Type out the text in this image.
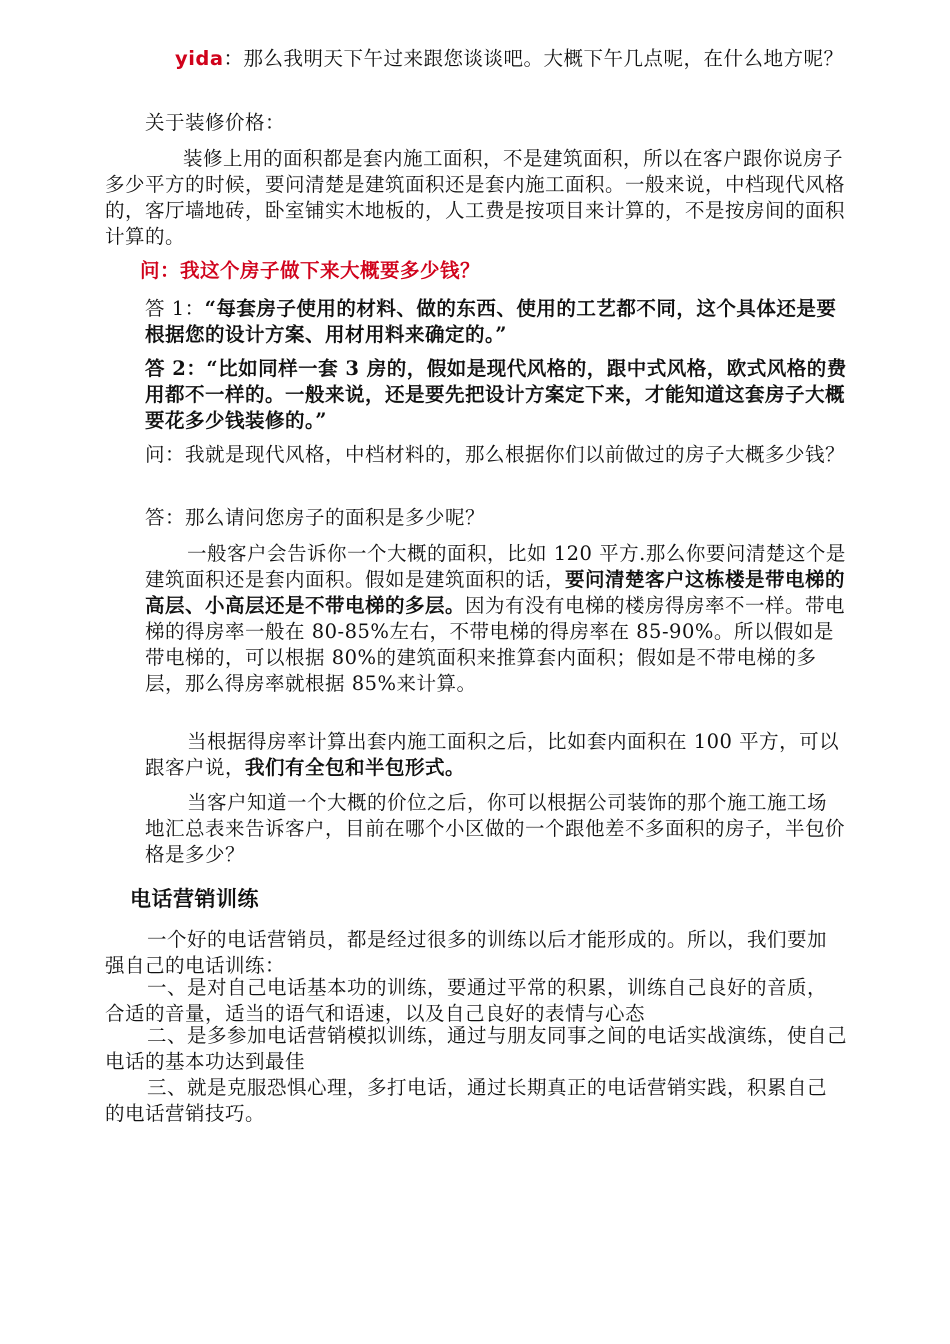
yida：那么我明天下午过来跟您谈谈吧。大概下午几点呢，在什么地方呢？

关于装修价格：

装修上用的面积都是套内施工面积，不是建筑面积，所以在客户跟你说房子多少平方的时候，要问清楚是建筑面积还是套内施工面积。一般来说，中档现代风格的，客厅墙地砖，卧室铺实木地板的，人工费是按项目来计算的，不是按房间的面积计算的。

问：我这个房子做下来大概要多少钱？

答 1：“每套房子使用的材料、做的东西、使用的工艺都不同，这个具体还是要根据您的设计方案、用材用料来确定的。”

答 2：“比如同样一套 3 房的，假如是现代风格的，跟中式风格，欧式风格的费用都不一样的。一般来说，还是要先把设计方案定下来，才能知道这套房子大概要花多少钱装修的。”

问：我就是现代风格，中档材料的，那么根据你们以前做过的房子大概多少钱？

答：那么请问您房子的面积是多少呢？

一般客户会告诉你一个大概的面积，比如 120 平方.那么你要问清楚这个是建筑面积还是套内面积。假如是建筑面积的话，要问清楚客户这栋楼是带电梯的高层、小高层还是不带电梯的多层。因为有没有电梯的楼房得房率不一样。带电梯的得房率一般在 80-85%左右，不带电梯的得房率在 85-90%。所以假如是带电梯的，可以根据 80%的建筑面积来推算套内面积；假如是不带电梯的多层，那么得房率就根据 85%来计算。

当根据得房率计算出套内施工面积之后，比如套内面积在 100 平方，可以跟客户说，我们有全包和半包形式。

当客户知道一个大概的价位之后，你可以根据公司装饰的那个施工施工场地汇总表来告诉客户，目前在哪个小区做的一个跟他差不多面积的房子，半包价格是多少？

电话营销训练

一个好的电话营销员，都是经过很多的训练以后才能形成的。所以，我们要加强自己的电话训练：

一、是对自己电话基本功的训练，要通过平常的积累，训练自己良好的音质，合适的音量，适当的语气和语速，以及自己良好的表情与心态

二、是多参加电话营销模拟训练，通过与朋友同事之间的电话实战演练，使自己电话的基本功达到最佳

三、就是克服恐惧心理，多打电话，通过长期真正的电话营销实践，积累自己的电话营销技巧。
